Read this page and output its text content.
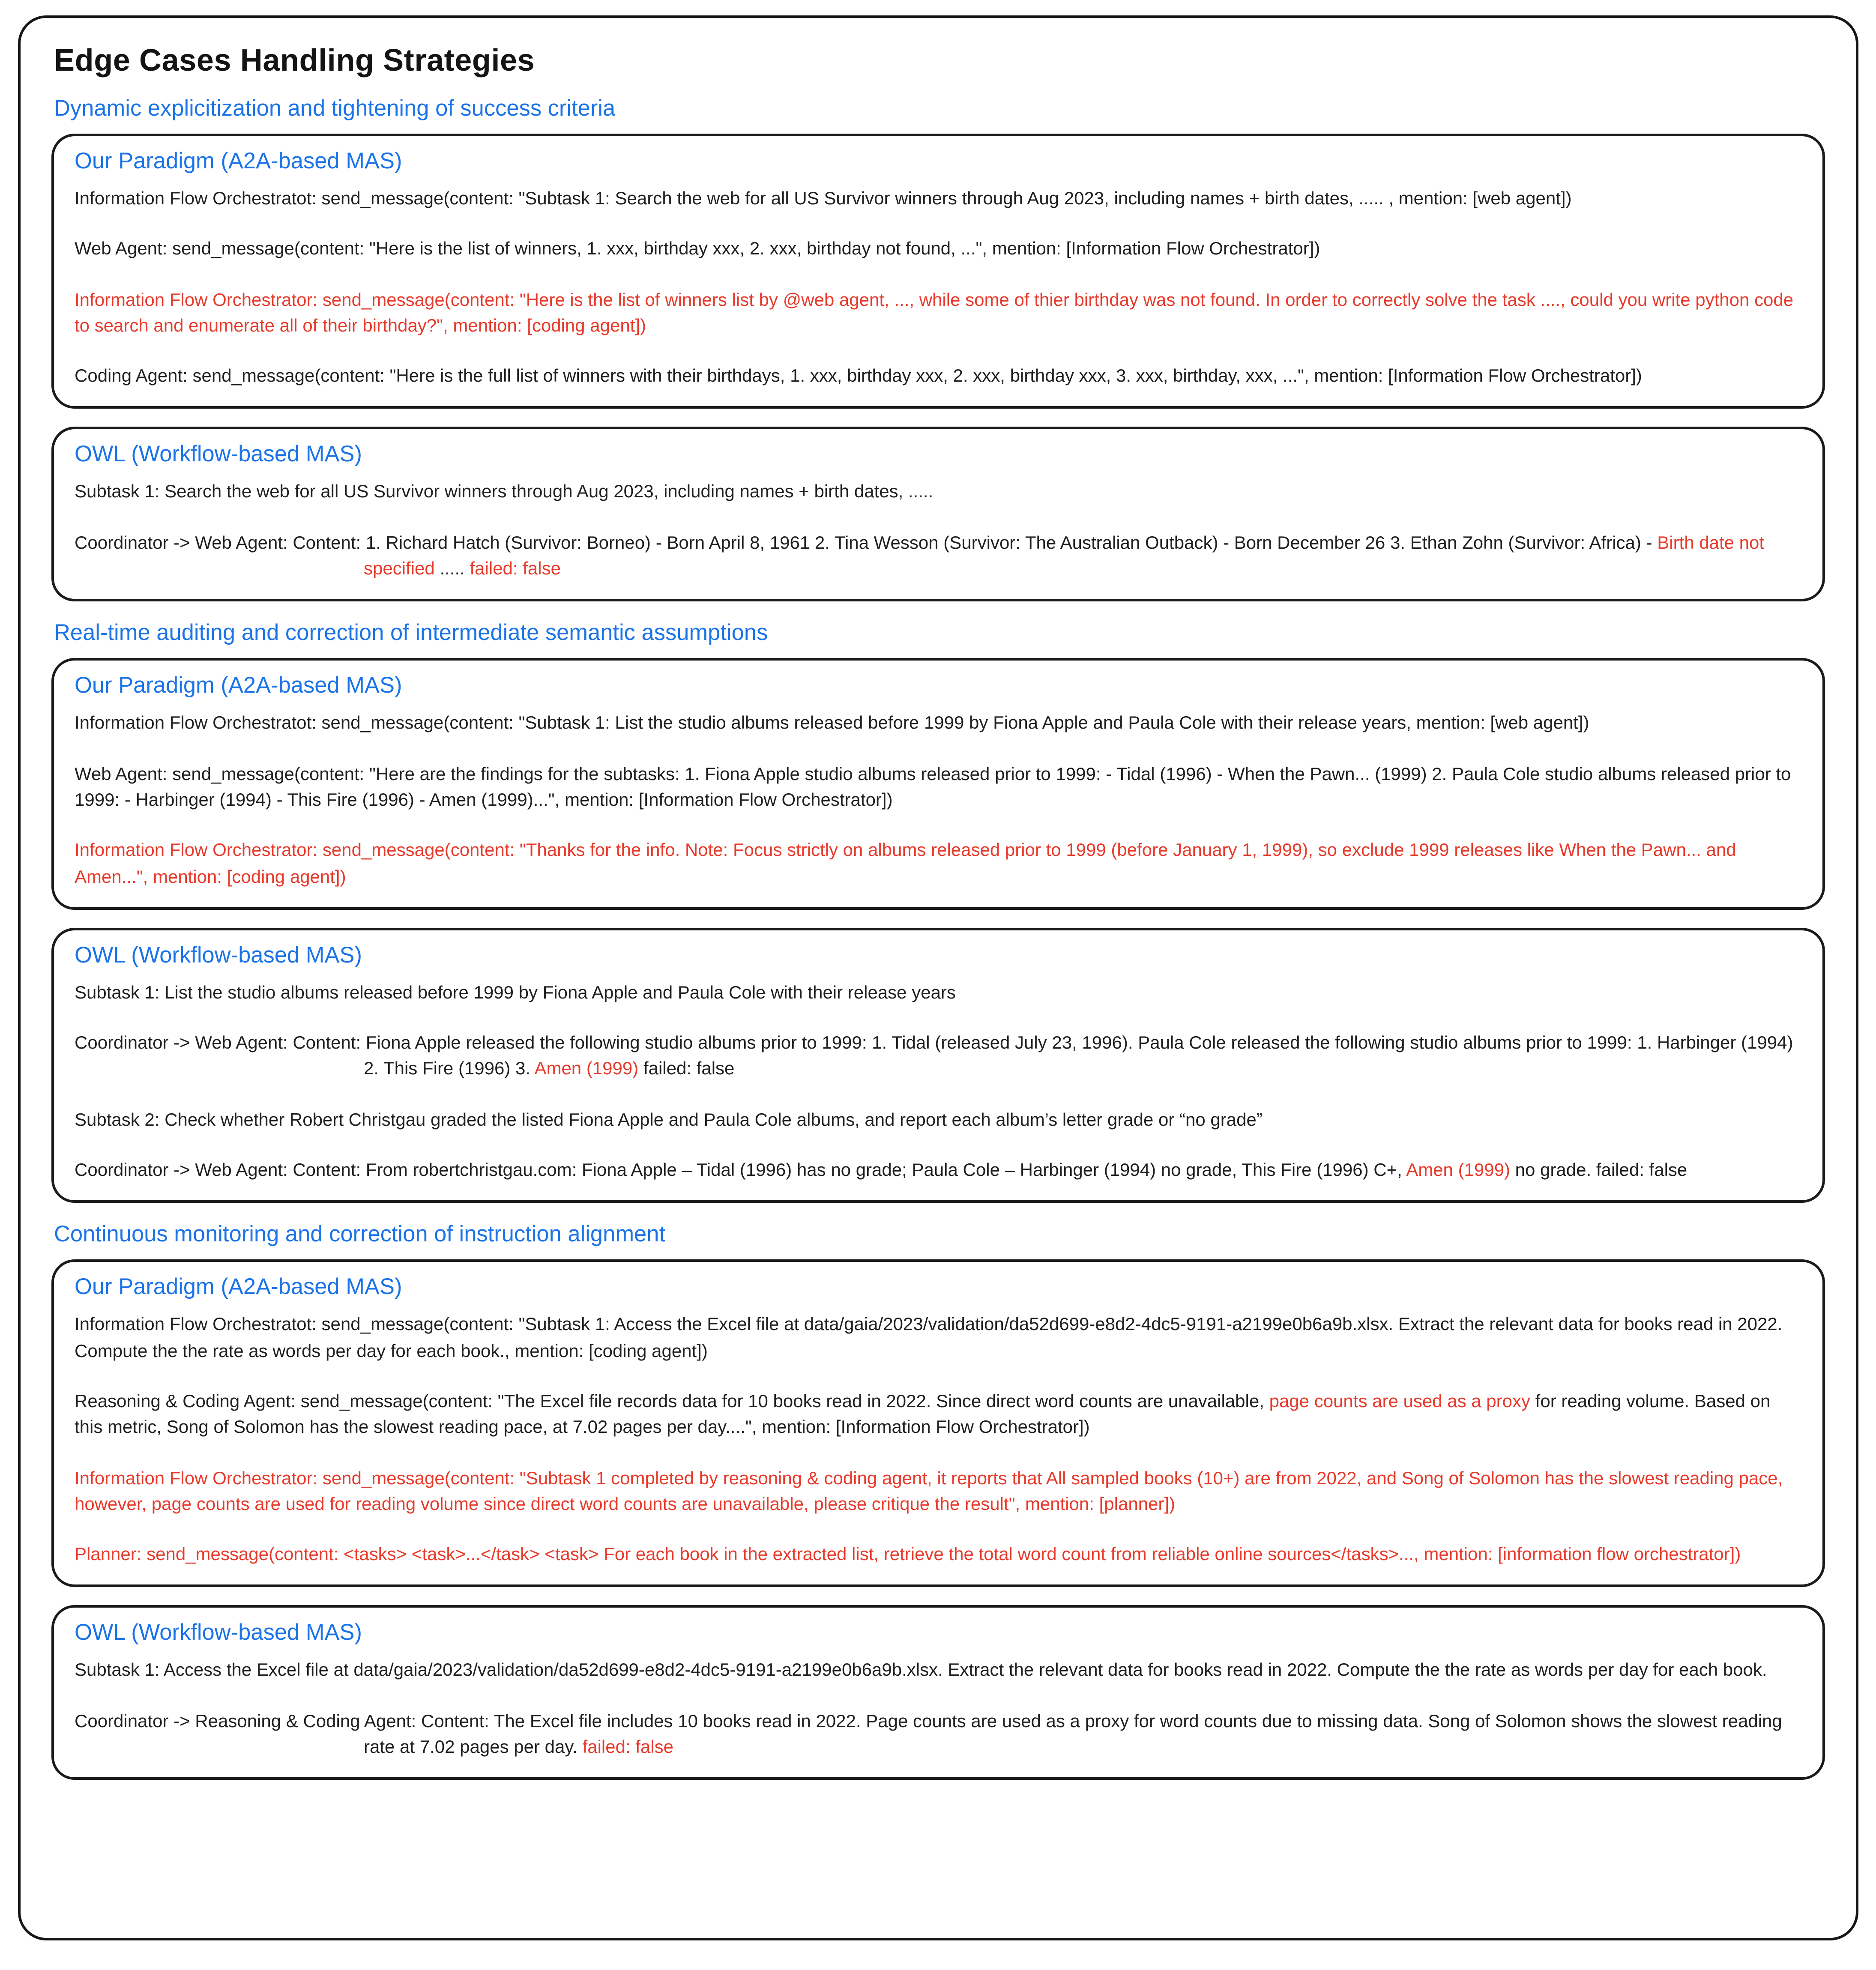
Edge Cases Handling Strategies
Dynamic explicitization and tightening of success criteria
Our Paradigm (A2A-based MAS)

Information Flow Orchestratot: send_message(content: "Subtask 1: Search the web for all US Survivor winners through Aug 2023, including names + birth dates, ..... , mention: [web agent])

Web Agent: send_message(content: "Here is the list of winners, 1. xxx, birthday xxx, 2. xxx, birthday not found, ...", mention: [Information Flow Orchestrator])

Information Flow Orchestrator: send_message(content: "Here is the list of winners list by @web agent, ..., while some of thier birthday was not found. In order to correctly solve the task ...., could you write python code to search and enumerate all of their birthday?", mention: [coding agent])

Coding Agent: send_message(content: "Here is the full list of winners with their birthdays, 1. xxx, birthday xxx, 2. xxx, birthday xxx, 3. xxx, birthday, xxx, ...", mention: [Information Flow Orchestrator])

OWL (Workflow-based MAS)

Subtask 1: Search the web for all US Survivor winners through Aug 2023, including names + birth dates, .....

Coordinator -> Web Agent: Content: 1. Richard Hatch (Survivor: Borneo) - Born April 8, 1961 2. Tina Wesson (Survivor: The Australian Outback) - Born December 26 3. Ethan Zohn (Survivor: Africa) - Birth date not specified ..... failed: false

Real-time auditing and correction of intermediate semantic assumptions
Our Paradigm (A2A-based MAS)

Information Flow Orchestratot: send_message(content: "Subtask 1: List the studio albums released before 1999 by Fiona Apple and Paula Cole with their release years, mention: [web agent])

Web Agent: send_message(content: "Here are the findings for the subtasks: 1. Fiona Apple studio albums released prior to 1999: - Tidal (1996) - When the Pawn... (1999) 2. Paula Cole studio albums released prior to 1999: - Harbinger (1994) - This Fire (1996) - Amen (1999)...", mention: [Information Flow Orchestrator])

Information Flow Orchestrator: send_message(content: "Thanks for the info. Note: Focus strictly on albums released prior to 1999 (before January 1, 1999), so exclude 1999 releases like When the Pawn... and Amen...", mention: [coding agent])

OWL (Workflow-based MAS)

Subtask 1: List the studio albums released before 1999 by Fiona Apple and Paula Cole with their release years

Coordinator -> Web Agent: Content: Fiona Apple released the following studio albums prior to 1999: 1. Tidal (released July 23, 1996). Paula Cole released the following studio albums prior to 1999: 1. Harbinger (1994) 2. This Fire (1996) 3. Amen (1999) failed: false

Subtask 2: Check whether Robert Christgau graded the listed Fiona Apple and Paula Cole albums, and report each album’s letter grade or “no grade”

Coordinator -> Web Agent: Content: From robertchristgau.com: Fiona Apple – Tidal (1996) has no grade; Paula Cole – Harbinger (1994) no grade, This Fire (1996) C+, Amen (1999) no grade. failed: false

Continuous monitoring and correction of instruction alignment
Our Paradigm (A2A-based MAS)

Information Flow Orchestratot: send_message(content: "Subtask 1: Access the Excel file at data/gaia/2023/validation/da52d699-e8d2-4dc5-9191-a2199e0b6a9b.xlsx. Extract the relevant data for books read in 2022. Compute the the rate as words per day for each book., mention: [coding agent])

Reasoning & Coding Agent: send_message(content: "The Excel file records data for 10 books read in 2022. Since direct word counts are unavailable, page counts are used as a proxy for reading volume. Based on this metric, Song of Solomon has the slowest reading pace, at 7.02 pages per day....", mention: [Information Flow Orchestrator])

Information Flow Orchestrator: send_message(content: "Subtask 1 completed by reasoning & coding agent, it reports that All sampled books (10+) are from 2022, and Song of Solomon has the slowest reading pace, however, page counts are used for reading volume since direct word counts are unavailable, please critique the result", mention: [planner])

Planner: send_message(content: <tasks> <task>...</task> <task> For each book in the extracted list, retrieve the total word count from reliable online sources</tasks>..., mention: [information flow orchestrator])

OWL (Workflow-based MAS)

Subtask 1: Access the Excel file at data/gaia/2023/validation/da52d699-e8d2-4dc5-9191-a2199e0b6a9b.xlsx. Extract the relevant data for books read in 2022. Compute the the rate as words per day for each book.

Coordinator -> Reasoning & Coding Agent: Content: The Excel file includes 10 books read in 2022. Page counts are used as a proxy for word counts due to missing data. Song of Solomon shows the slowest reading rate at 7.02 pages per day. failed: false
